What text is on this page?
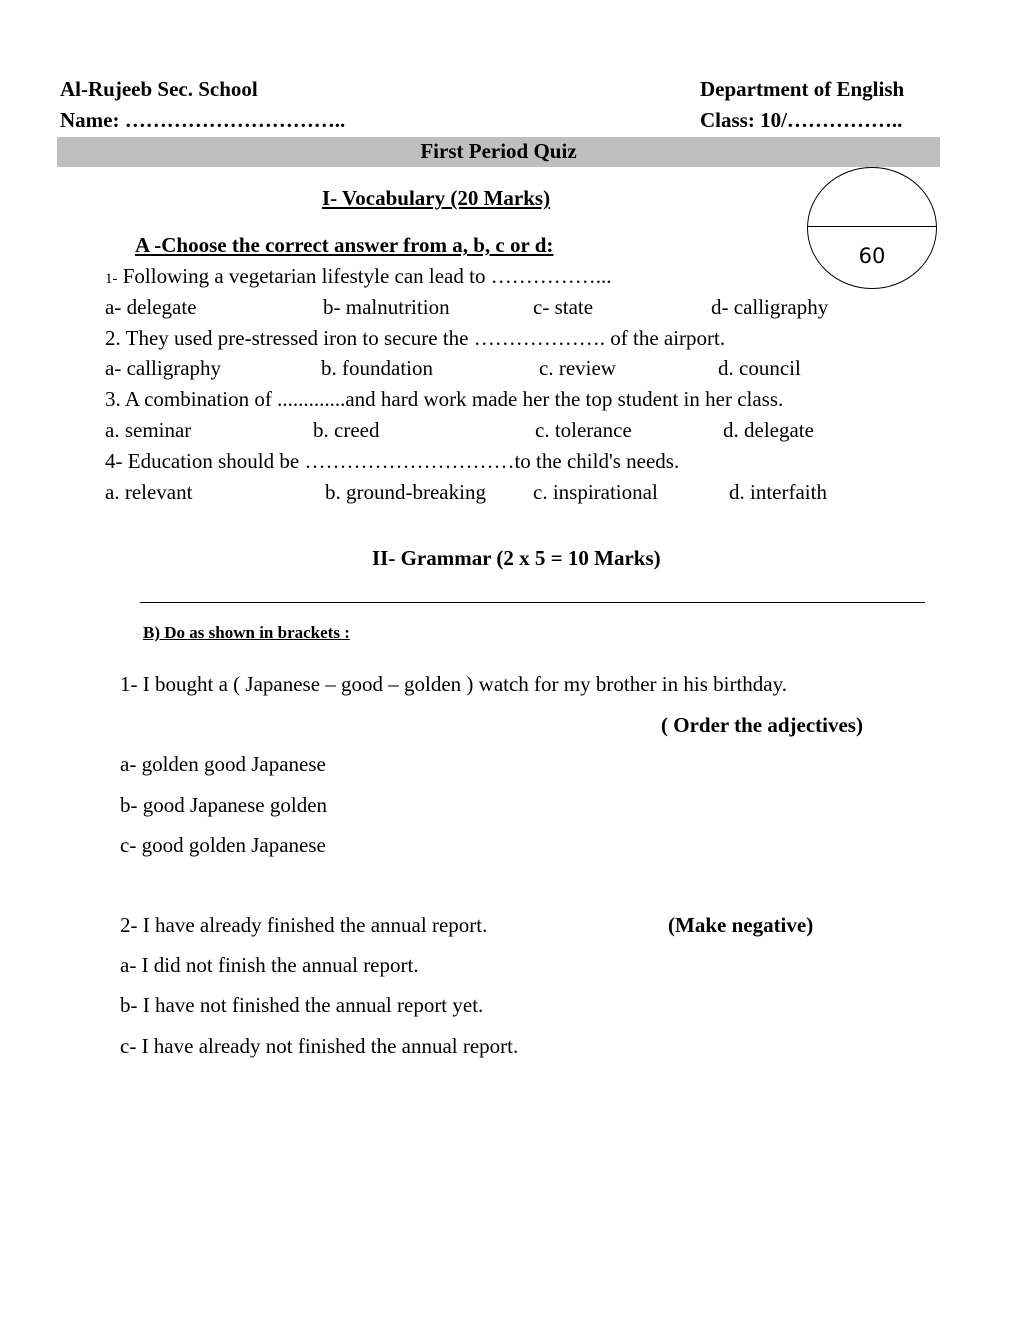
Al-Rujeeb Sec. School	Department of English
Name: …………………………..	Class: 10/……………..
First Period Quiz
60
I- Vocabulary (20 Marks)
A -Choose the correct answer from a, b, c or d:
1- Following a vegetarian lifestyle can lead to ……………...
a- delegate	b- malnutrition	c- state	d- calligraphy
2. They used pre-stressed iron to secure the ………………. of the airport.
a- calligraphy	b. foundation	c. review	d. council
3. A combination of .............and hard work made her the top student in her class.
a. seminar	b. creed	c. tolerance	d. delegate
4- Education should be …………………………to the child's needs.
a. relevant	b. ground-breaking c. inspirational	d. interfaith
II- Grammar (2 x 5 = 10 Marks)
B) Do as shown in brackets :
1- I bought a ( Japanese – good – golden ) watch for my brother in his birthday.
( Order the adjectives)
a- golden good Japanese
b- good Japanese golden
c- good golden Japanese
2- I have already finished the annual report.	(Make negative)
a- I did not finish the annual report.
b- I have not finished the annual report yet.
c- I have already not finished the annual report.
